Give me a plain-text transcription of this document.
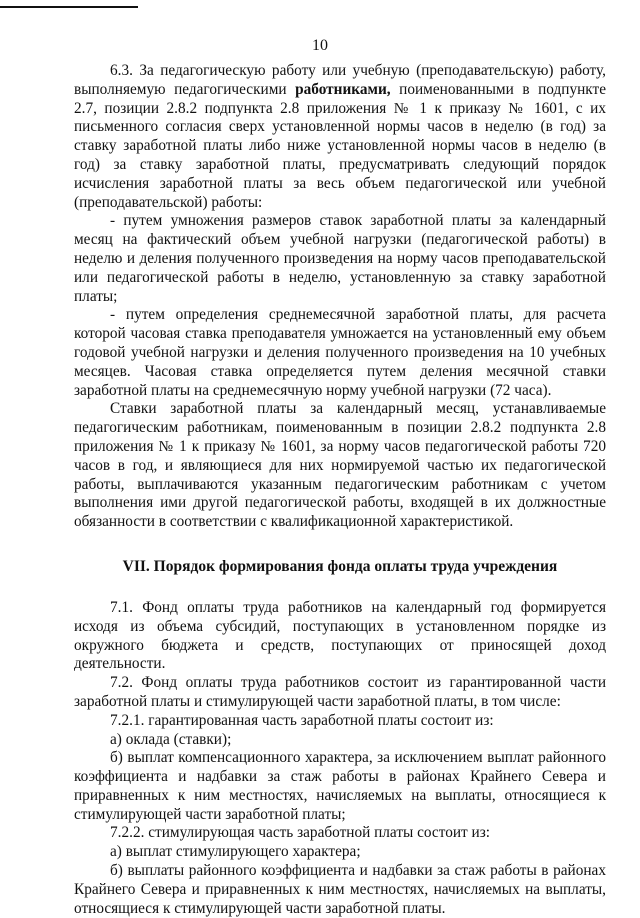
10

6.3. За педагогическую работу или учебную (преподавательскую) работу, выполняемую педагогическими работниками, поименованными в подпункте 2.7, позиции 2.8.2 подпункта 2.8 приложения № 1 к приказу № 1601, с их письменного согласия сверх установленной нормы часов в неделю (в год) за ставку заработной платы либо ниже установленной нормы часов в неделю (в год) за ставку заработной платы, предусматривать следующий порядок исчисления заработной платы за весь объем педагогической или учебной (преподавательской) работы:

- путем умножения размеров ставок заработной платы за календарный месяц на фактический объем учебной нагрузки (педагогической работы) в неделю и деления полученного произведения на норму часов преподавательской или педагогической работы в неделю, установленную за ставку заработной платы;

- путем определения среднемесячной заработной платы, для расчета которой часовая ставка преподавателя умножается на установленный ему объем годовой учебной нагрузки и деления полученного произведения на 10 учебных месяцев. Часовая ставка определяется путем деления месячной ставки заработной платы на среднемесячную норму учебной нагрузки (72 часа).

Ставки заработной платы за календарный месяц, устанавливаемые педагогическим работникам, поименованным в позиции 2.8.2 подпункта 2.8 приложения № 1 к приказу № 1601, за норму часов педагогической работы 720 часов в год, и являющиеся для них нормируемой частью их педагогической работы, выплачиваются указанным педагогическим работникам с учетом выполнения ими другой педагогической работы, входящей в их должностные обязанности в соответствии с квалификационной характеристикой.

VII. Порядок формирования фонда оплаты труда учреждения

7.1. Фонд оплаты труда работников на календарный год формируется исходя из объема субсидий, поступающих в установленном порядке из окружного бюджета и средств, поступающих от приносящей доход деятельности.

7.2. Фонд оплаты труда работников состоит из гарантированной части заработной платы и стимулирующей части заработной платы, в том числе:

7.2.1. гарантированная часть заработной платы состоит из:

а) оклада (ставки);

б) выплат компенсационного характера, за исключением выплат районного коэффициента и надбавки за стаж работы в районах Крайнего Севера и приравненных к ним местностях, начисляемых на выплаты, относящиеся к стимулирующей части заработной платы;

7.2.2. стимулирующая часть заработной платы состоит из:

а) выплат стимулирующего характера;

б) выплаты районного коэффициента и надбавки за стаж работы в районах Крайнего Севера и приравненных к ним местностях, начисляемых на выплаты, относящиеся к стимулирующей части заработной платы.
